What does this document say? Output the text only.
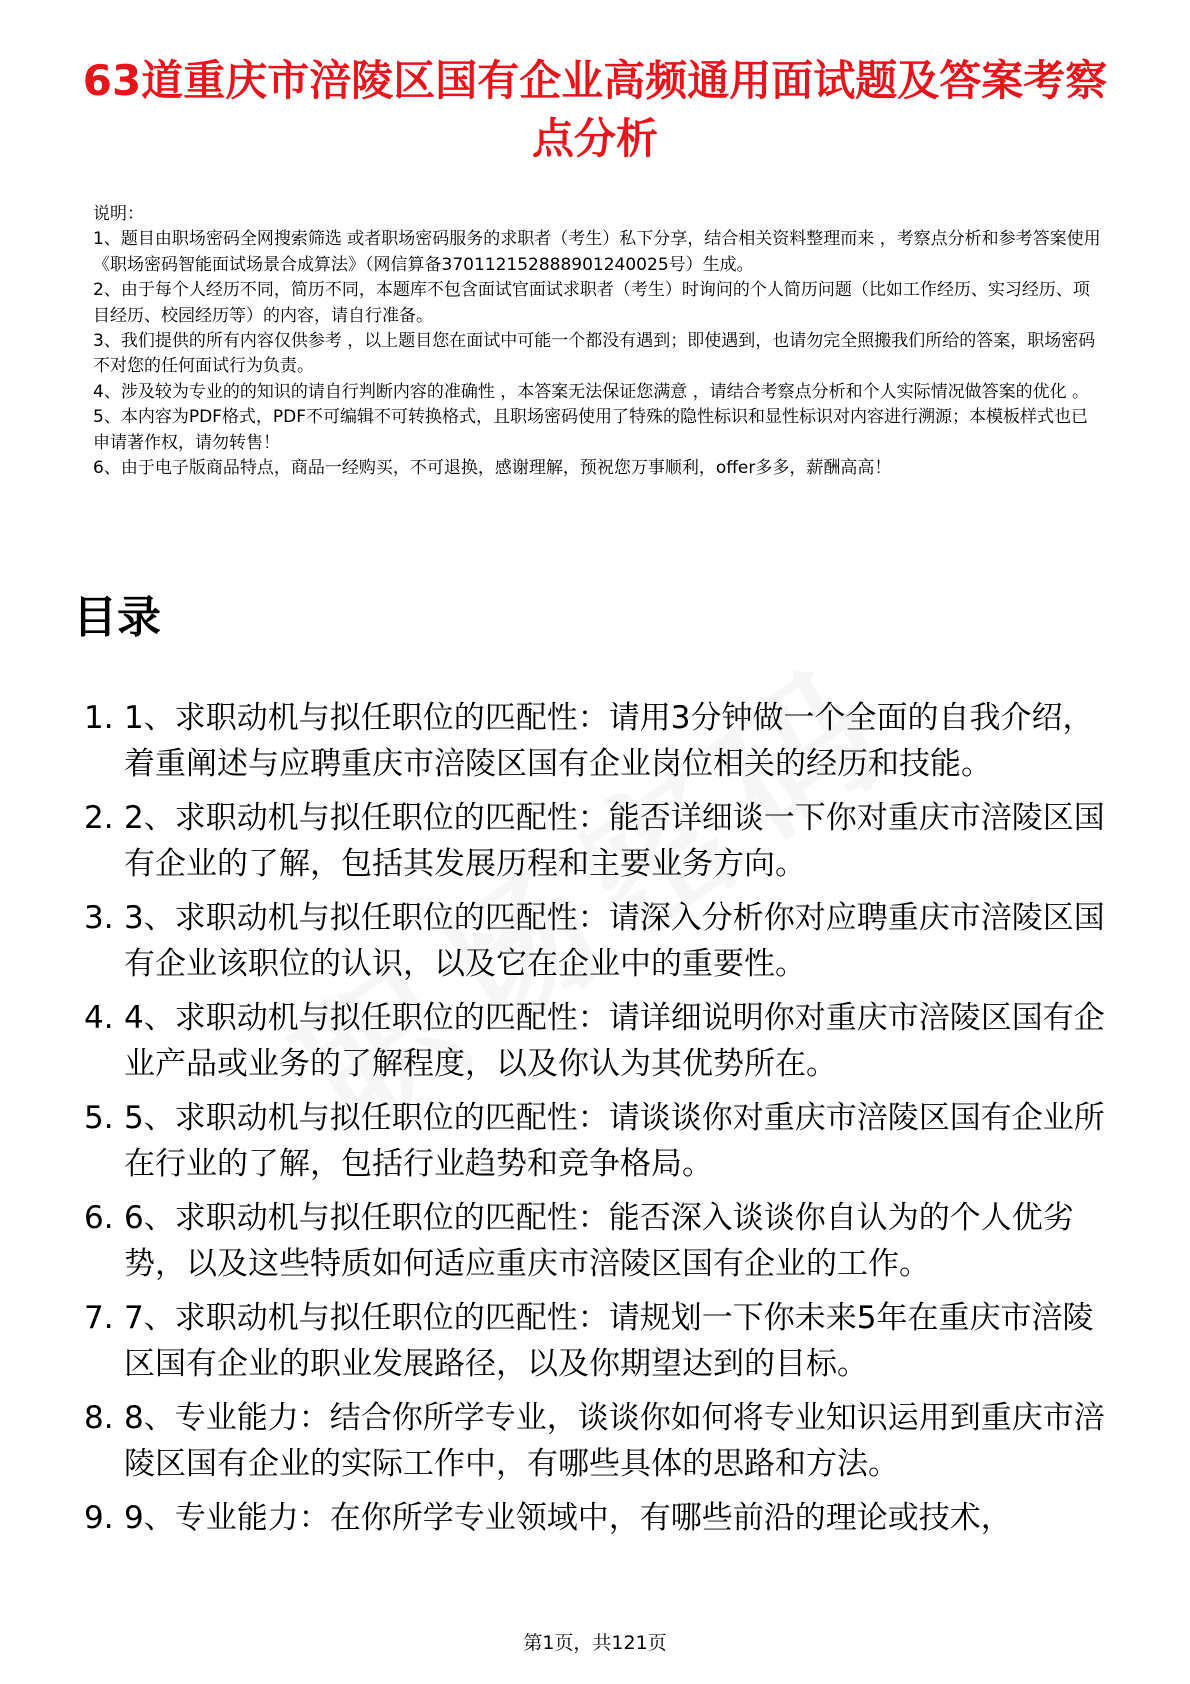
63道重庆市涪陵区国有企业高频通用面试题及答案考察点分析

说明：

1、题目由职场密码全网搜索筛选 或者职场密码服务的求职者（考生）私下分享，结合相关资料整理而来 ，考察点分析和参考答案使用《职场密码智能面试场景合成算法》（网信算备370112152888901240025号）生成。

2、由于每个人经历不同，简历不同，本题库不包含面试官面试求职者（考生）时询问的个人简历问题（比如工作经历、实习经历、项目经历、校园经历等）的内容，请自行准备。

3、我们提供的所有内容仅供参考 ，以上题目您在面试中可能一个都没有遇到；即使遇到，也请勿完全照搬我们所给的答案，职场密码不对您的任何面试行为负责。

4、涉及较为专业的的知识的请自行判断内容的准确性 ，本答案无法保证您满意 ，请结合考察点分析和个人实际情况做答案的优化 。

5、本内容为PDF格式，PDF不可编辑不可转换格式，且职场密码使用了特殊的隐性标识和显性标识对内容进行溯源；本模板样式也已申请著作权，请勿转售！

6、由于电子版商品特点，商品一经购买，不可退换，感谢理解，预祝您万事顺利，offer多多，薪酬高高！

目录
1. 1、求职动机与拟任职位的匹配性：请用3分钟做一个全面的自我介绍，着重阐述与应聘重庆市涪陵区国有企业岗位相关的经历和技能。
2. 2、求职动机与拟任职位的匹配性：能否详细谈一下你对重庆市涪陵区国有企业的了解，包括其发展历程和主要业务方向。
3. 3、求职动机与拟任职位的匹配性：请深入分析你对应聘重庆市涪陵区国有企业该职位的认识，以及它在企业中的重要性。
4. 4、求职动机与拟任职位的匹配性：请详细说明你对重庆市涪陵区国有企业产品或业务的了解程度，以及你认为其优势所在。
5. 5、求职动机与拟任职位的匹配性：请谈谈你对重庆市涪陵区国有企业所在行业的了解，包括行业趋势和竞争格局。
6. 6、求职动机与拟任职位的匹配性：能否深入谈谈你自认为的个人优劣势，以及这些特质如何适应重庆市涪陵区国有企业的工作。
7. 7、求职动机与拟任职位的匹配性：请规划一下你未来5年在重庆市涪陵区国有企业的职业发展路径，以及你期望达到的目标。
8. 8、专业能力：结合你所学专业，谈谈你如何将专业知识运用到重庆市涪陵区国有企业的实际工作中，有哪些具体的思路和方法。
9. 9、专业能力：在你所学专业领域中，有哪些前沿的理论或技术，
第1页，共121页
